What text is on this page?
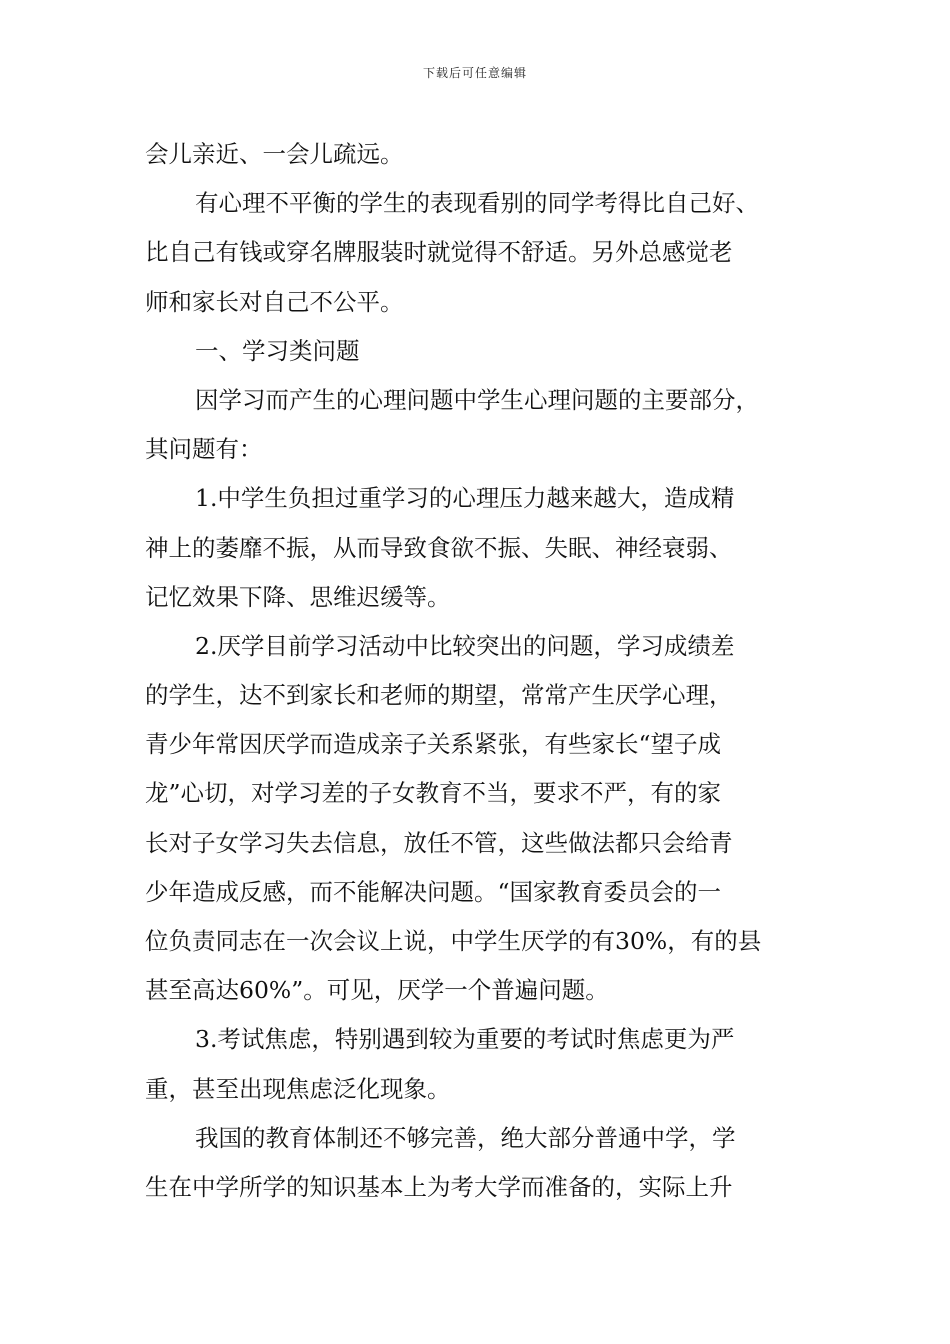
下载后可任意编辑
会儿亲近、一会儿疏远。
有心理不平衡的学生的表现看别的同学考得比自己好、
比自己有钱或穿名牌服装时就觉得不舒适。另外总感觉老
师和家长对自己不公平。
一、学习类问题
因学习而产生的心理问题中学生心理问题的主要部分，
其问题有：
1.中学生负担过重学习的心理压力越来越大，造成精
神上的萎靡不振，从而导致食欲不振、失眠、神经衰弱、
记忆效果下降、思维迟缓等。
2.厌学目前学习活动中比较突出的问题，学习成绩差
的学生，达不到家长和老师的期望，常常产生厌学心理，
青少年常因厌学而造成亲子关系紧张，有些家长“望子成
龙”心切，对学习差的子女教育不当，要求不严，有的家
长对子女学习失去信息，放任不管，这些做法都只会给青
少年造成反感，而不能解决问题。“国家教育委员会的一
位负责同志在一次会议上说，中学生厌学的有30%，有的县
甚至高达60%”。可见，厌学一个普遍问题。
3.考试焦虑，特别遇到较为重要的考试时焦虑更为严
重，甚至出现焦虑泛化现象。
我国的教育体制还不够完善，绝大部分普通中学，学
生在中学所学的知识基本上为考大学而准备的，实际上升
